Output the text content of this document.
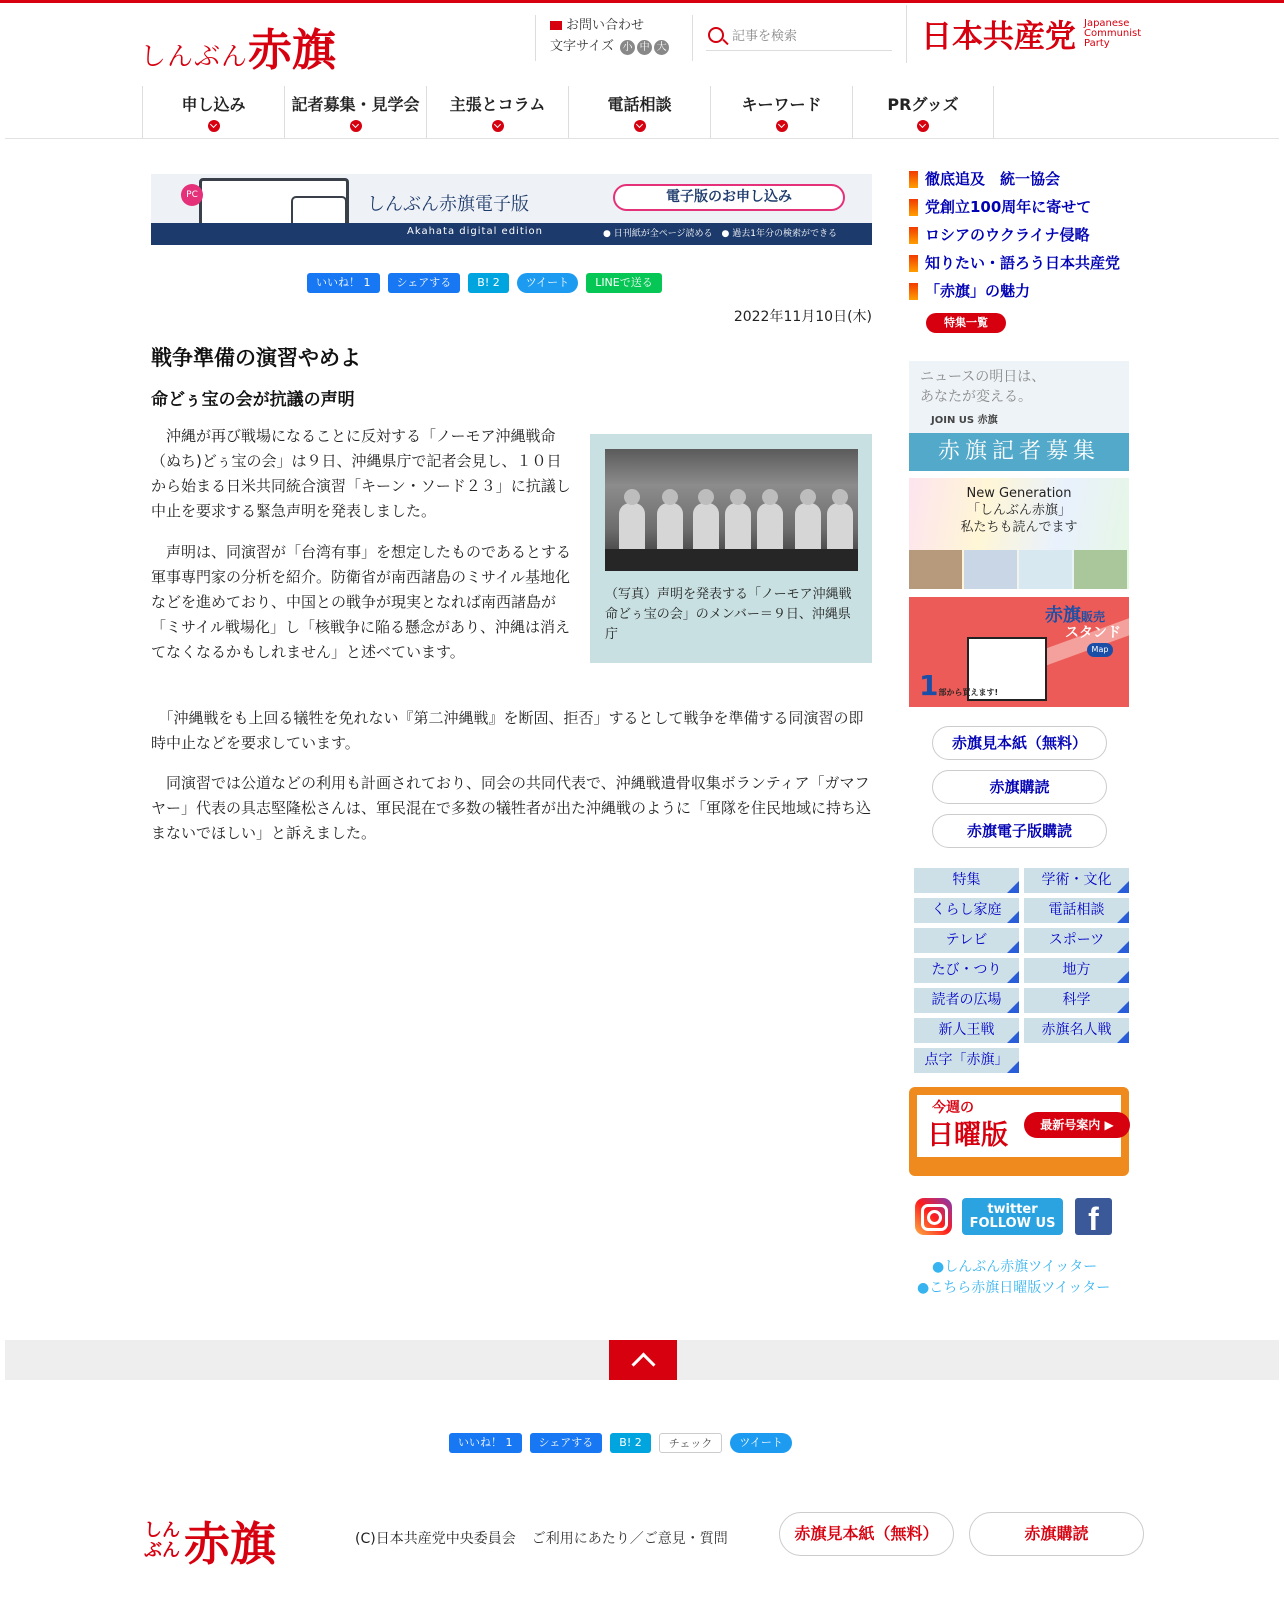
しんぶん赤旗	お問い合わせ
文字サイズ 小 中 大
記事を検索	日本共産党 Japanese
Communist
Party
申し込み	記者募集・見学会	主張とコラム	電話相談	キーワード	PRグッズ
PC	しんぶん赤旗電子版
Akahata digital edition
電子版のお申し込み
● 日刊紙が全ページ読める　● 過去1年分の検索ができる
いいね！ 1 シェアする B! 2 ツイート LINEで送る
2022年11月10日(木)
戦争準備の演習やめよ
命どぅ宝の会が抗議の声明
（写真）声明を発表する「ノーモア沖縄戦命どぅ宝の会」のメンバー＝９日、沖縄県庁

　沖縄が再び戦場になることに反対する「ノーモア沖縄戦命（ぬち)どぅ宝の会」は９日、沖縄県庁で記者会見し、１０日から始まる日米共同統合演習「キーン・ソード２３」に抗議し中止を要求する緊急声明を発表しました。

　声明は、同演習が「台湾有事」を想定したものであるとする軍事専門家の分析を紹介。防衛省が南西諸島のミサイル基地化などを進めており、中国との戦争が現実となれば南西諸島が「ミサイル戦場化」し「核戦争に陥る懸念があり、沖縄は消えてなくなるかもしれません」と述べています。

　「沖縄戦をも上回る犠牲を免れない『第二沖縄戦』を断固、拒否」するとして戦争を準備する同演習の即時中止などを要求しています。

　同演習では公道などの利用も計画されており、同会の共同代表で、沖縄戦遺骨収集ボランティア「ガマフヤー」代表の具志堅隆松さんは、軍民混在で多数の犠牲者が出た沖縄戦のように「軍隊を住民地域に持ち込まないでほしい」と訴えました。

徹底追及　統一協会
党創立100周年に寄せて
ロシアのウクライナ侵略
知りたい・語ろう日本共産党
「赤旗」の魅力
特集一覧
ニュースの明日は、
あなたが変える。
JOIN US 赤旗
赤旗記者募集
New Generation
「しんぶん赤旗」
私たちも読んでます
赤旗販売
スタンド
Map
1部から買えます!
赤旗見本紙（無料）
赤旗購読
赤旗電子版購読
特集	学術・文化
くらし家庭	電話相談
テレビ	スポーツ
たび・つり	地方
読者の広場	科学
新人王戦	赤旗名人戦
点字「赤旗」
今週の
日曜版	最新号案内 ▶
twitter
FOLLOW US	f
●しんぶん赤旗ツイッター
●こちら赤旗日曜版ツイッター
いいね！ 1 シェアする B! 2 チェック ツイート
しん
ぶん赤旗	(C)日本共産党中央委員会 ご利用にあたり／ご意見・質問	赤旗見本紙（無料）	赤旗購読
